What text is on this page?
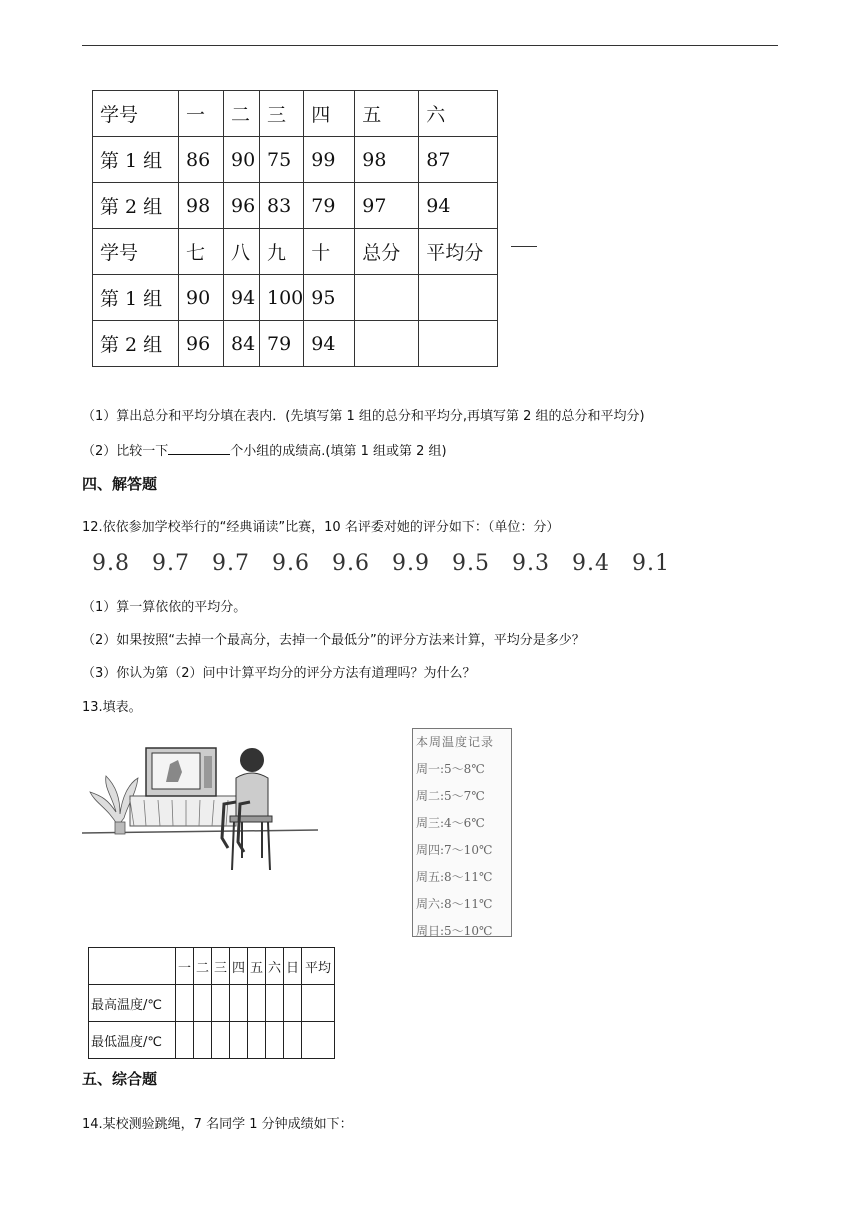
学号	一	二	三	四	五	六
第 1 组	86	90	75	99	98	87
第 2 组	98	96	83	79	97	94
学号	七	八	九	十	总分	平均分
第 1 组	90	94	100	95		
第 2 组	96	84	79	94		
（1）算出总分和平均分填在表内．(先填写第 1 组的总分和平均分,再填写第 2 组的总分和平均分)
（2）比较一下	个小组的成绩高.(填第 1 组或第 2 组)
四、解答题
12.依依参加学校举行的“经典诵读”比赛，10 名评委对她的评分如下：（单位：分）
9.8 9.7 9.7 9.6 9.6 9.9 9.5 9.3 9.4 9.1
（1）算一算依依的平均分。
（2）如果按照“去掉一个最高分，去掉一个最低分”的评分方法来计算，平均分是多少？
（3）你认为第（2）问中计算平均分的评分方法有道理吗？为什么？
13.填表。
本周温度记录
周一:5～8℃
周二:5～7℃
周三:4～6℃
周四:7～10℃
周五:8～11℃
周六:8～11℃
周日:5～10℃
	一	二	三	四	五	六	日	平均
最高温度/℃								
最低温度/℃								
五、综合题
14.某校测验跳绳，7 名同学 1 分钟成绩如下：
